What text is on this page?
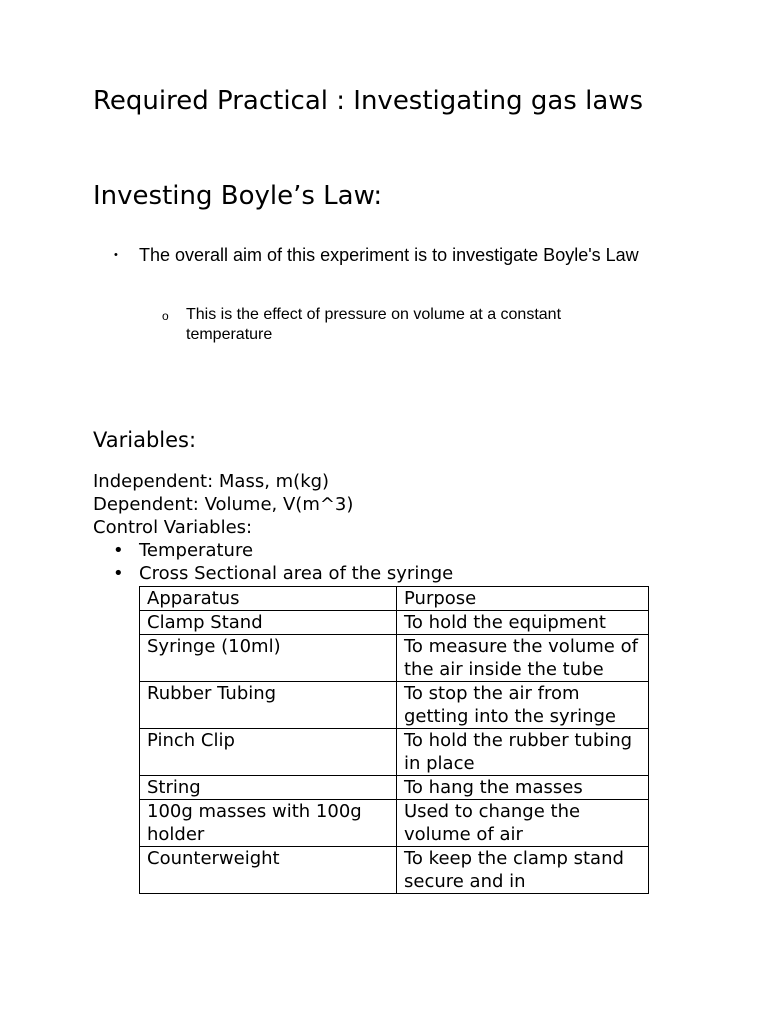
Required Practical : Investigating gas laws
Investing Boyle’s Law:
• The overall aim of this experiment is to investigate Boyle's Law
o This is the effect of pressure on volume at a constant temperature
Variables:
Independent: Mass, m(kg)
Dependent: Volume, V(m^3)
Control Variables:
• Temperature
• Cross Sectional area of the syringe
Apparatus	Purpose
Clamp Stand	To hold the equipment
Syringe (10ml)	To measure the volume of the air inside the tube
Rubber Tubing	To stop the air from getting into the syringe
Pinch Clip	To hold the rubber tubing in place
String	To hang the masses
100g masses with 100g holder	Used to change the volume of air
Counterweight	To keep the clamp stand secure and in
